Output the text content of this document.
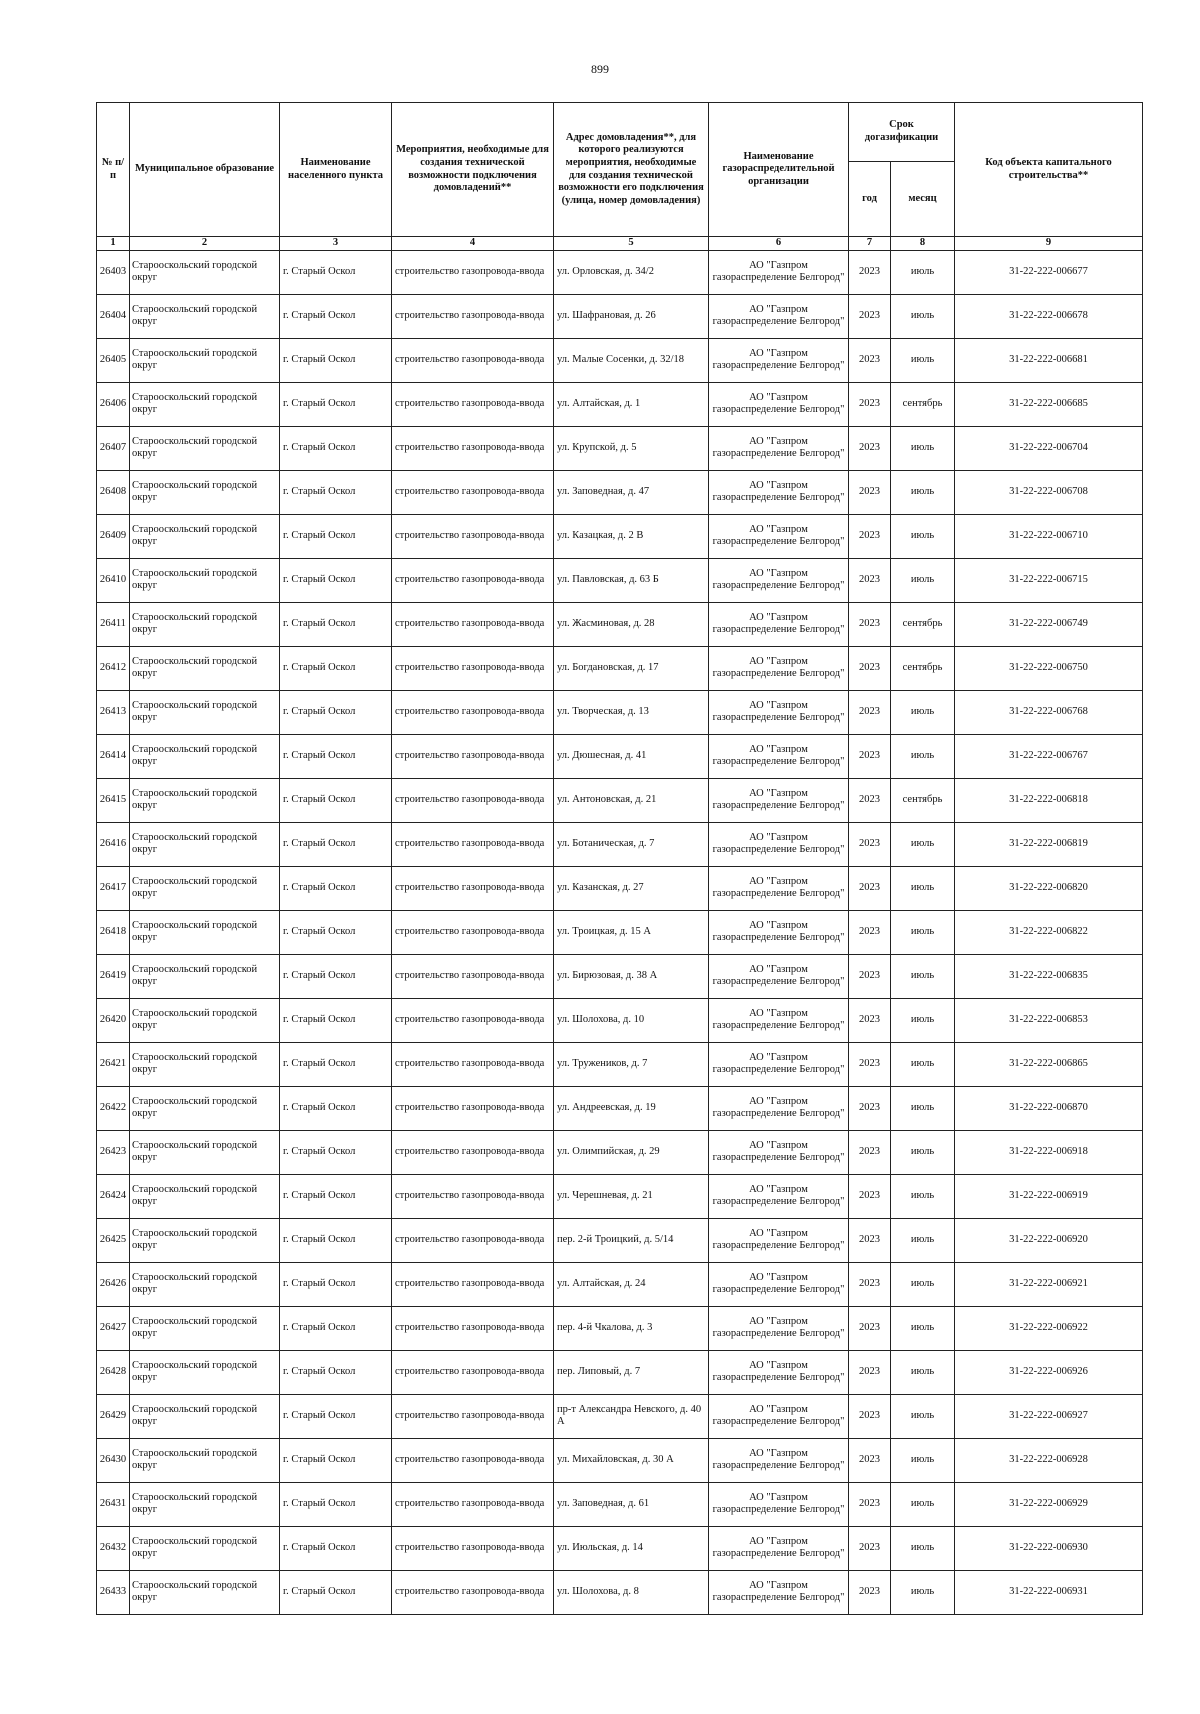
899
№ п/п	Муниципальное образование	Наименование населенного пункта	Мероприятия, необходимые для создания технической возможности подключения домовладений**	Адрес домовладения**, для которого реализуются мероприятия, необходимые для создания технической возможности его подключения (улица, номер домовладения)	Наименование газораспределительной организации	Срок догазификации		Код объекта капитального строительства**
						год	месяц	
1	2	3	4	5	6	7	8	9
26403	Старооскольский городской округ	г. Старый Оскол	строительство газопровода-ввода	ул. Орловская, д. 34/2	АО "Газпром газораспределение Белгород"	2023	июль	31-22-222-006677
26404	Старооскольский городской округ	г. Старый Оскол	строительство газопровода-ввода	ул. Шафрановая, д. 26	АО "Газпром газораспределение Белгород"	2023	июль	31-22-222-006678
26405	Старооскольский городской округ	г. Старый Оскол	строительство газопровода-ввода	ул. Малые Сосенки, д. 32/18	АО "Газпром газораспределение Белгород"	2023	июль	31-22-222-006681
26406	Старооскольский городской округ	г. Старый Оскол	строительство газопровода-ввода	ул. Алтайская, д. 1	АО "Газпром газораспределение Белгород"	2023	сентябрь	31-22-222-006685
26407	Старооскольский городской округ	г. Старый Оскол	строительство газопровода-ввода	ул. Крупской, д. 5	АО "Газпром газораспределение Белгород"	2023	июль	31-22-222-006704
26408	Старооскольский городской округ	г. Старый Оскол	строительство газопровода-ввода	ул. Заповедная, д. 47	АО "Газпром газораспределение Белгород"	2023	июль	31-22-222-006708
26409	Старооскольский городской округ	г. Старый Оскол	строительство газопровода-ввода	ул. Казацкая, д. 2 В	АО "Газпром газораспределение Белгород"	2023	июль	31-22-222-006710
26410	Старооскольский городской округ	г. Старый Оскол	строительство газопровода-ввода	ул. Павловская, д. 63 Б	АО "Газпром газораспределение Белгород"	2023	июль	31-22-222-006715
26411	Старооскольский городской округ	г. Старый Оскол	строительство газопровода-ввода	ул. Жасминовая, д. 28	АО "Газпром газораспределение Белгород"	2023	сентябрь	31-22-222-006749
26412	Старооскольский городской округ	г. Старый Оскол	строительство газопровода-ввода	ул. Богдановская, д. 17	АО "Газпром газораспределение Белгород"	2023	сентябрь	31-22-222-006750
26413	Старооскольский городской округ	г. Старый Оскол	строительство газопровода-ввода	ул. Творческая, д. 13	АО "Газпром газораспределение Белгород"	2023	июль	31-22-222-006768
26414	Старооскольский городской округ	г. Старый Оскол	строительство газопровода-ввода	ул. Дюшесная, д. 41	АО "Газпром газораспределение Белгород"	2023	июль	31-22-222-006767
26415	Старооскольский городской округ	г. Старый Оскол	строительство газопровода-ввода	ул. Антоновская, д. 21	АО "Газпром газораспределение Белгород"	2023	сентябрь	31-22-222-006818
26416	Старооскольский городской округ	г. Старый Оскол	строительство газопровода-ввода	ул. Ботаническая, д. 7	АО "Газпром газораспределение Белгород"	2023	июль	31-22-222-006819
26417	Старооскольский городской округ	г. Старый Оскол	строительство газопровода-ввода	ул. Казанская, д. 27	АО "Газпром газораспределение Белгород"	2023	июль	31-22-222-006820
26418	Старооскольский городской округ	г. Старый Оскол	строительство газопровода-ввода	ул. Троицкая, д. 15 А	АО "Газпром газораспределение Белгород"	2023	июль	31-22-222-006822
26419	Старооскольский городской округ	г. Старый Оскол	строительство газопровода-ввода	ул. Бирюзовая, д. 38 А	АО "Газпром газораспределение Белгород"	2023	июль	31-22-222-006835
26420	Старооскольский городской округ	г. Старый Оскол	строительство газопровода-ввода	ул. Шолохова, д. 10	АО "Газпром газораспределение Белгород"	2023	июль	31-22-222-006853
26421	Старооскольский городской округ	г. Старый Оскол	строительство газопровода-ввода	ул. Тружеников, д. 7	АО "Газпром газораспределение Белгород"	2023	июль	31-22-222-006865
26422	Старооскольский городской округ	г. Старый Оскол	строительство газопровода-ввода	ул. Андреевская, д. 19	АО "Газпром газораспределение Белгород"	2023	июль	31-22-222-006870
26423	Старооскольский городской округ	г. Старый Оскол	строительство газопровода-ввода	ул. Олимпийская, д. 29	АО "Газпром газораспределение Белгород"	2023	июль	31-22-222-006918
26424	Старооскольский городской округ	г. Старый Оскол	строительство газопровода-ввода	ул. Черешневая, д. 21	АО "Газпром газораспределение Белгород"	2023	июль	31-22-222-006919
26425	Старооскольский городской округ	г. Старый Оскол	строительство газопровода-ввода	пер. 2-й Троицкий, д. 5/14	АО "Газпром газораспределение Белгород"	2023	июль	31-22-222-006920
26426	Старооскольский городской округ	г. Старый Оскол	строительство газопровода-ввода	ул. Алтайская, д. 24	АО "Газпром газораспределение Белгород"	2023	июль	31-22-222-006921
26427	Старооскольский городской округ	г. Старый Оскол	строительство газопровода-ввода	пер. 4-й Чкалова, д. 3	АО "Газпром газораспределение Белгород"	2023	июль	31-22-222-006922
26428	Старооскольский городской округ	г. Старый Оскол	строительство газопровода-ввода	пер. Липовый, д. 7	АО "Газпром газораспределение Белгород"	2023	июль	31-22-222-006926
26429	Старооскольский городской округ	г. Старый Оскол	строительство газопровода-ввода	пр-т Александра Невского, д. 40 А	АО "Газпром газораспределение Белгород"	2023	июль	31-22-222-006927
26430	Старооскольский городской округ	г. Старый Оскол	строительство газопровода-ввода	ул. Михайловская, д. 30 А	АО "Газпром газораспределение Белгород"	2023	июль	31-22-222-006928
26431	Старооскольский городской округ	г. Старый Оскол	строительство газопровода-ввода	ул. Заповедная, д. 61	АО "Газпром газораспределение Белгород"	2023	июль	31-22-222-006929
26432	Старооскольский городской округ	г. Старый Оскол	строительство газопровода-ввода	ул. Июльская, д. 14	АО "Газпром газораспределение Белгород"	2023	июль	31-22-222-006930
26433	Старооскольский городской округ	г. Старый Оскол	строительство газопровода-ввода	ул. Шолохова, д. 8	АО "Газпром газораспределение Белгород"	2023	июль	31-22-222-006931
